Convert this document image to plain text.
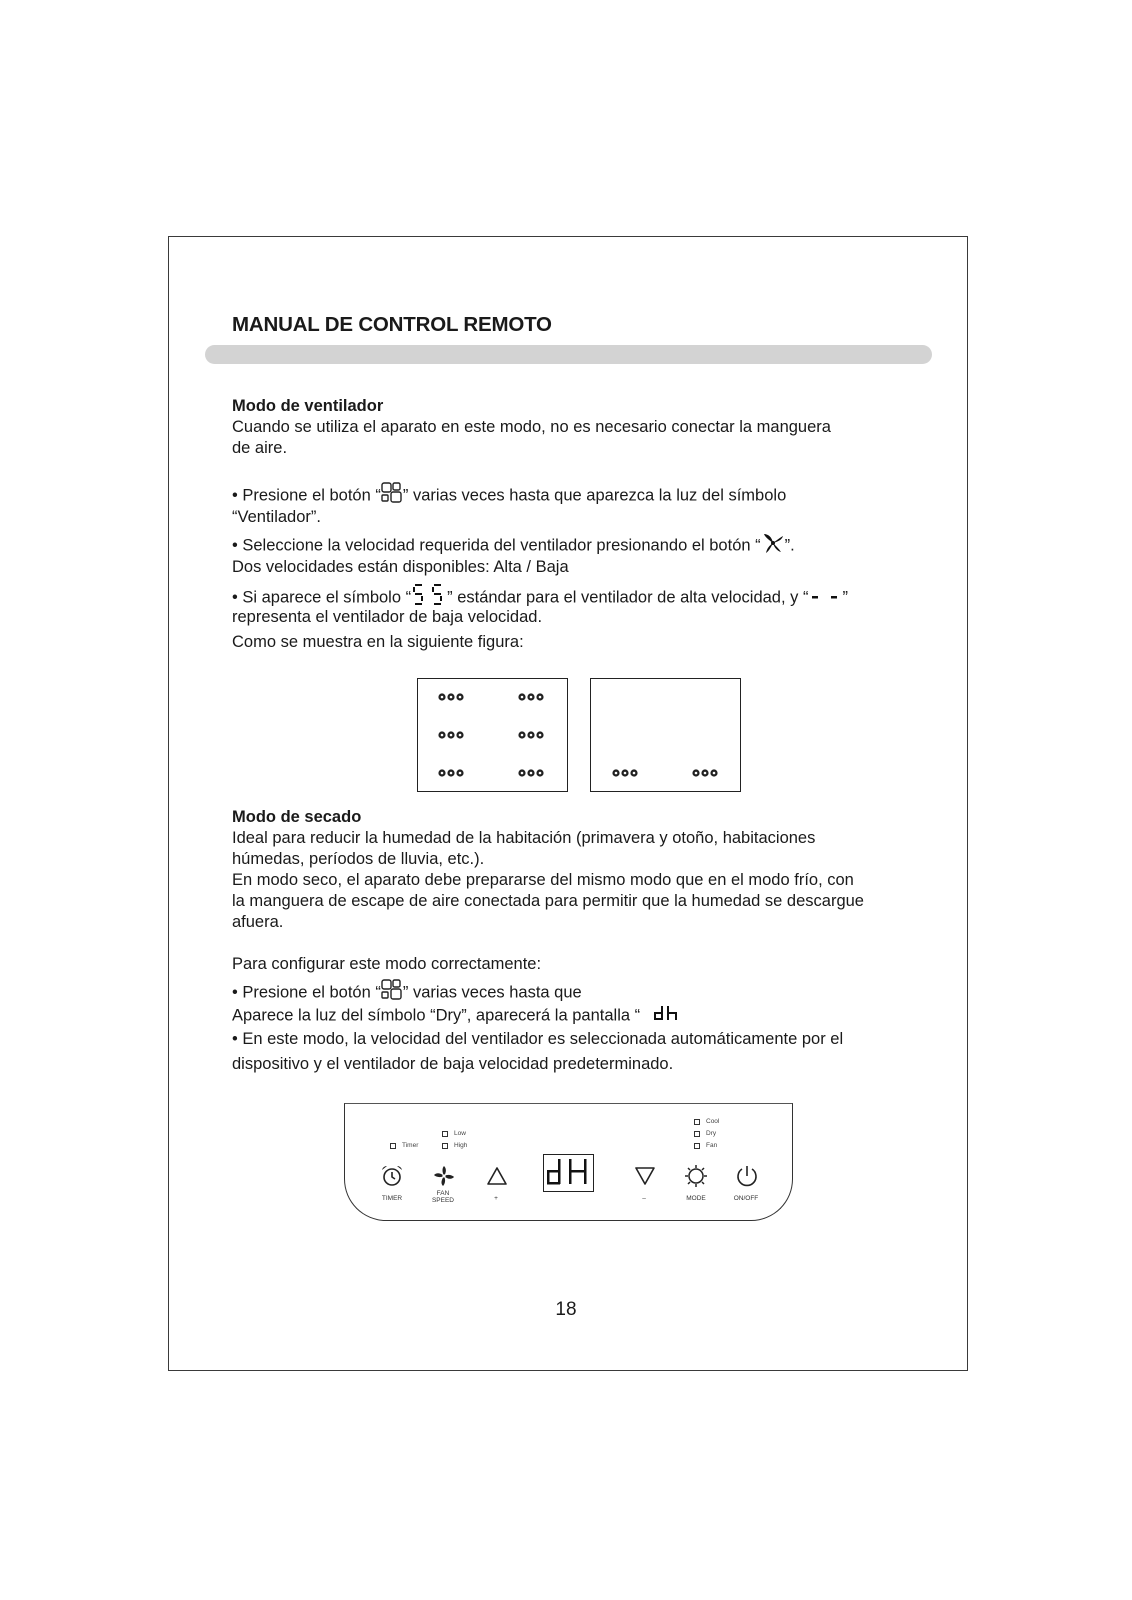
MANUAL DE CONTROL REMOTO
Modo de ventilador
Cuando se utiliza el aparato en este modo, no es necesario conectar la manguera
de aire.
• Presione el botón “ ” varias veces hasta que aparezca la luz del símbolo
“Ventilador”.
• Seleccione la velocidad requerida del ventilador presionando el botón “ ”.
Dos velocidades están disponibles: Alta / Baja
• Si aparece el símbolo “ ” estándar para el ventilador de alta velocidad, y “ ”
representa el ventilador de baja velocidad.
Como se muestra en la siguiente figura:
Modo de secado
Ideal para reducir la humedad de la habitación (primavera y otoño, habitaciones
húmedas, períodos de lluvia, etc.).
En modo seco, el aparato debe prepararse del mismo modo que en el modo frío, con
la manguera de escape de aire conectada para permitir que la humedad se descargue
afuera.
Para configurar este modo correctamente:
• Presione el botón “ ” varias veces hasta que
Aparece la luz del símbolo “Dry”, aparecerá la pantalla “
• En este modo, la velocidad del ventilador es seleccionada automáticamente por el
dispositivo y el ventilador de baja velocidad predeterminado.
Timer
Low
High
Cool
Dry
Fan
TIMER
FAN
SPEED	+	–	MODE	ON/OFF
18
